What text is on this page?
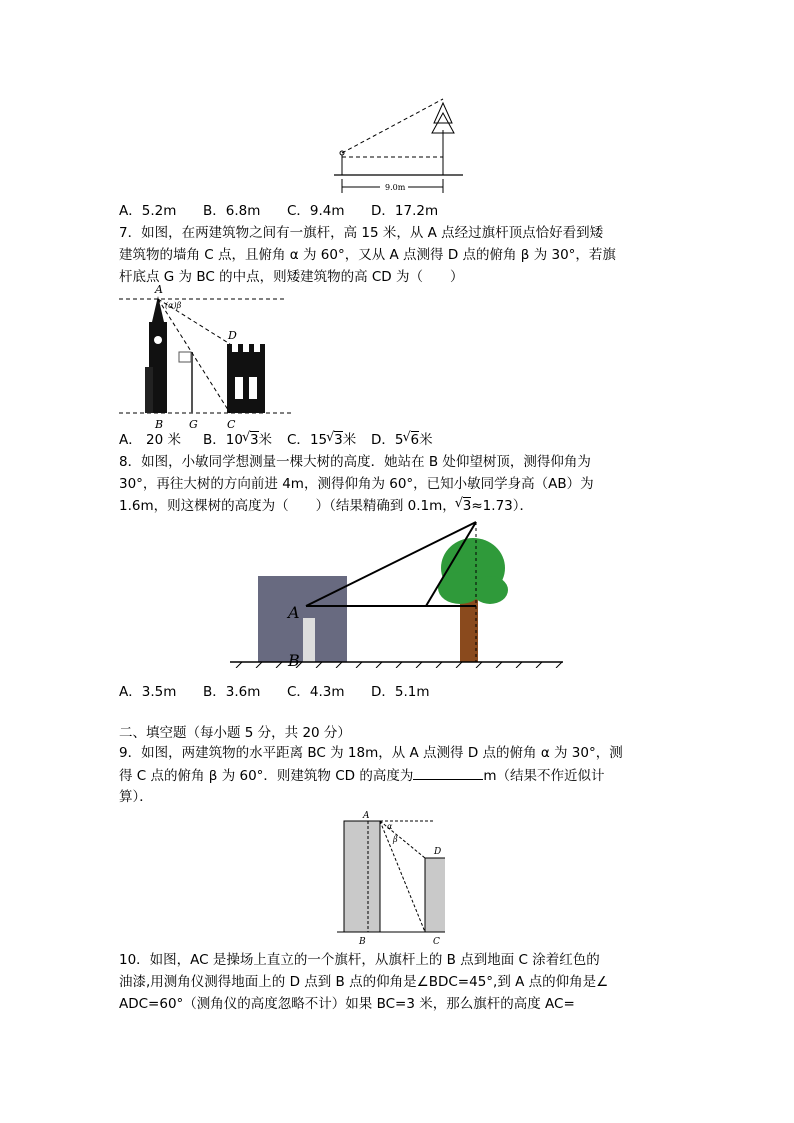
9.0m
A．5.2m B．6.8m C．9.4m D．17.2m
7．如图，在两建筑物之间有一旗杆，高 15 米，从 A 点经过旗杆顶点恰好看到矮
建筑物的墙角 C 点，且俯角 α 为 60°，又从 A 点测得 D 点的俯角 β 为 30°，若旗
杆底点 G 为 BC 的中点，则矮建筑物的高 CD 为（　　）
A
(α)β
D
B G	C
A． 20 米 B．10 √ 3米 C．15 √ 3米 D．5 √ 6米
8．如图，小敏同学想测量一棵大树的高度．她站在 B 处仰望树顶，测得仰角为
30°，再往大树的方向前进 4m，测得仰角为 60°，已知小敏同学身高（AB）为
1.6m，则这棵树的高度为（　　）（结果精确到 0.1m， √ 3≈1.73）．
A
B
A．3.5m B．3.6m C．4.3m D．5.1m
二、填空题（每小题 5 分，共 20 分）
9．如图，两建筑物的水平距离 BC 为 18m，从 A 点测得 D 点的俯角 α 为 30°，测
得 C 点的俯角 β 为 60°．则建筑物 CD 的高度为	m（结果不作近似计
算）．
A
α
β
D
B	C
10．如图，AC 是操场上直立的一个旗杆，从旗杆上的 B 点到地面 C 涂着红色的
油漆,用测角仪测得地面上的 D 点到 B 点的仰角是∠BDC=45°,到 A 点的仰角是∠
ADC=60°（测角仪的高度忽略不计）如果 BC=3 米，那么旗杆的高度 AC=
